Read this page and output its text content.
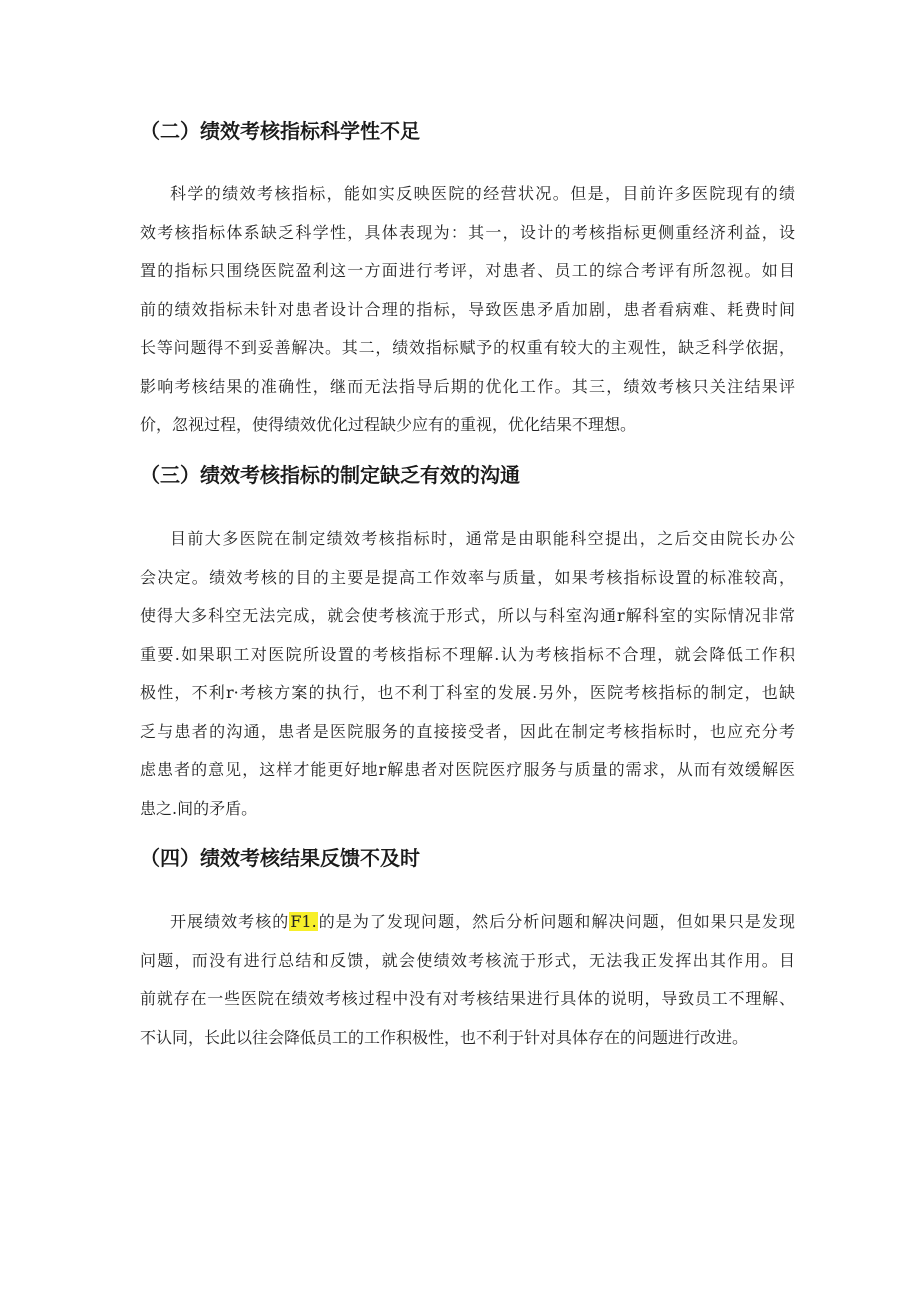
（二）绩效考核指标科学性不足
科学的绩效考核指标，能如实反映医院的经营状况。但是，目前许多医院现有的绩
效考核指标体系缺乏科学性，具体表现为：其一，设计的考核指标更侧重经济利益，设
置的指标只围绕医院盈利这一方面进行考评，对患者、员工的综合考评有所忽视。如目
前的绩效指标未针对患者设计合理的指标，导致医患矛盾加剧，患者看病难、耗费时间
长等问题得不到妥善解决。其二，绩效指标赋予的权重有较大的主观性，缺乏科学依据，
影响考核结果的准确性，继而无法指导后期的优化工作。其三，绩效考核只关注结果评
价，忽视过程，使得绩效优化过程缺少应有的重视，优化结果不理想。
（三）绩效考核指标的制定缺乏有效的沟通
目前大多医院在制定绩效考核指标时，通常是由职能科空提出，之后交由院长办公
会决定。绩效考核的目的主要是提高工作效率与质量，如果考核指标设置的标准较高，
使得大多科空无法完成，就会使考核流于形式，所以与科室沟通r解科室的实际情况非常
重要.如果职工对医院所设置的考核指标不理解.认为考核指标不合理，就会降低工作积
极性，不利r·考核方案的执行，也不利丁科室的发展.另外，医院考核指标的制定，也缺
乏与患者的沟通，患者是医院服务的直接接受者，因此在制定考核指标时，也应充分考
虑患者的意见，这样才能更好地r解患者对医院医疗服务与质量的需求，从而有效缓解医
患之.间的矛盾。
（四）绩效考核结果反馈不及时
开展绩效考核的F1.的是为了发现问题，然后分析问题和解决问题，但如果只是发现
问题，而没有进行总结和反馈，就会使绩效考核流于形式，无法我正发挥出其作用。目
前就存在一些医院在绩效考核过程中没有对考核结果进行具体的说明，导致员工不理解、
不认同，长此以往会降低员工的工作积极性，也不利于针对具体存在的问题进行改进。
